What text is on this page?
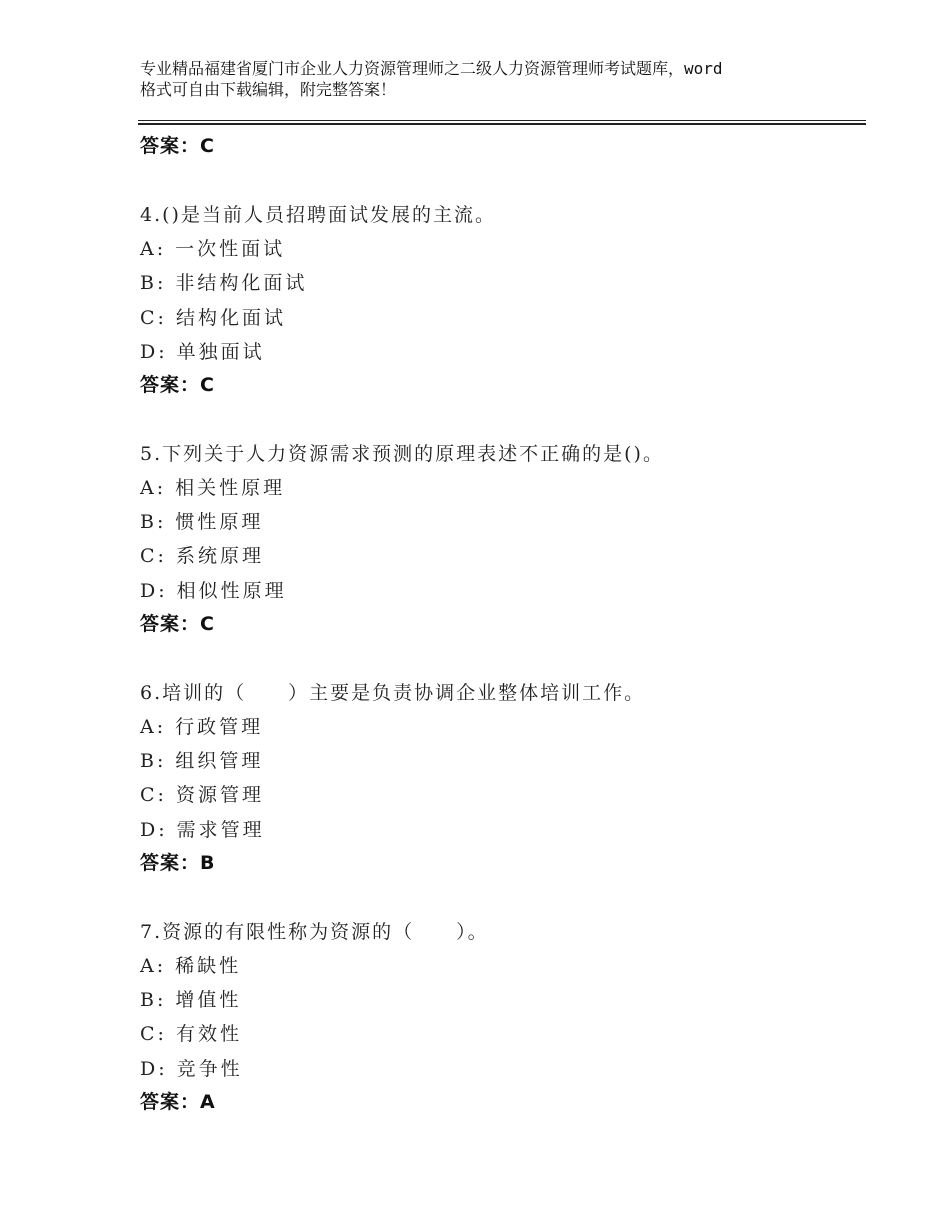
专业精品福建省厦门市企业人力资源管理师之二级人力资源管理师考试题库，word
格式可自由下载编辑，附完整答案！
答案：C
4.()是当前人员招聘面试发展的主流。
A: 一次性面试
B: 非结构化面试
C: 结构化面试
D: 单独面试
答案：C
5.下列关于人力资源需求预测的原理表述不正确的是()。
A: 相关性原理
B: 惯性原理
C: 系统原理
D: 相似性原理
答案：C
6.培训的（　　）主要是负责协调企业整体培训工作。
A: 行政管理
B: 组织管理
C: 资源管理
D: 需求管理
答案：B
7.资源的有限性称为资源的（　　）。
A: 稀缺性
B: 增值性
C: 有效性
D: 竞争性
答案：A
